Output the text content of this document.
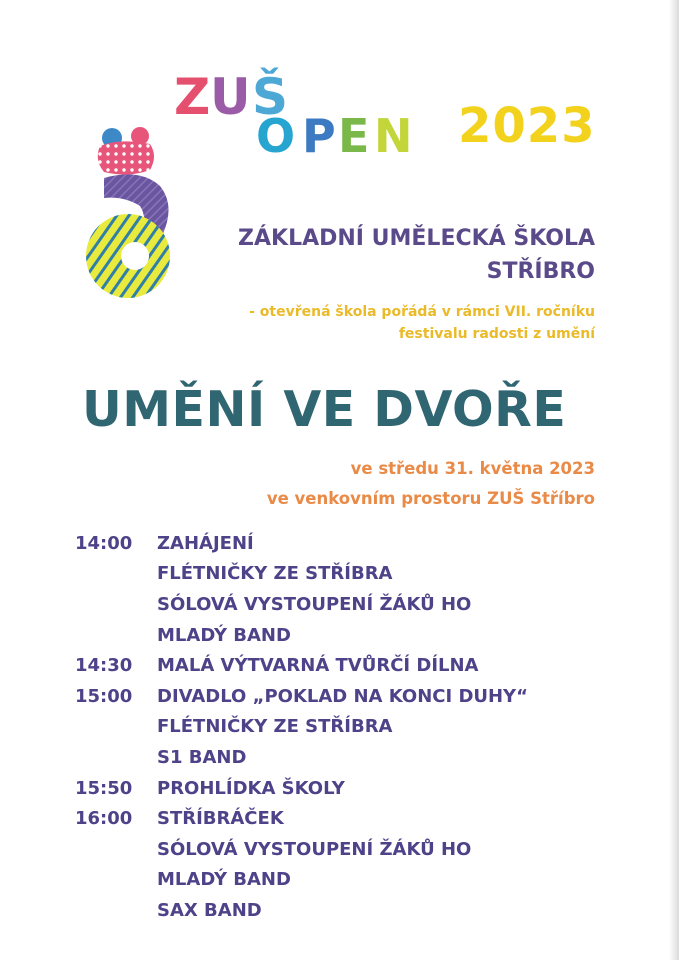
Z U Š
O P E N 2023
ZÁKLADNÍ UMĚLECKÁ ŠKOLA
STŘÍBRO
- otevřená škola pořádá v rámci VII. ročníku
festivalu radosti z umění
UMĚNÍ VE DVOŘE
ve středu 31. května 2023
ve venkovním prostoru ZUŠ Stříbro
14:00	ZAHÁJENÍ
FLÉTNIČKY ZE STŘÍBRA
SÓLOVÁ VYSTOUPENÍ ŽÁKŮ HO
MLADÝ BAND
14:30	MALÁ VÝTVARNÁ TVŮRČÍ DÍLNA
15:00	DIVADLO „POKLAD NA KONCI DUHY“
FLÉTNIČKY ZE STŘÍBRA
S1 BAND
15:50	PROHLÍDKA ŠKOLY
16:00	STŘÍBRÁČEK
SÓLOVÁ VYSTOUPENÍ ŽÁKŮ HO
MLADÝ BAND
SAX BAND
